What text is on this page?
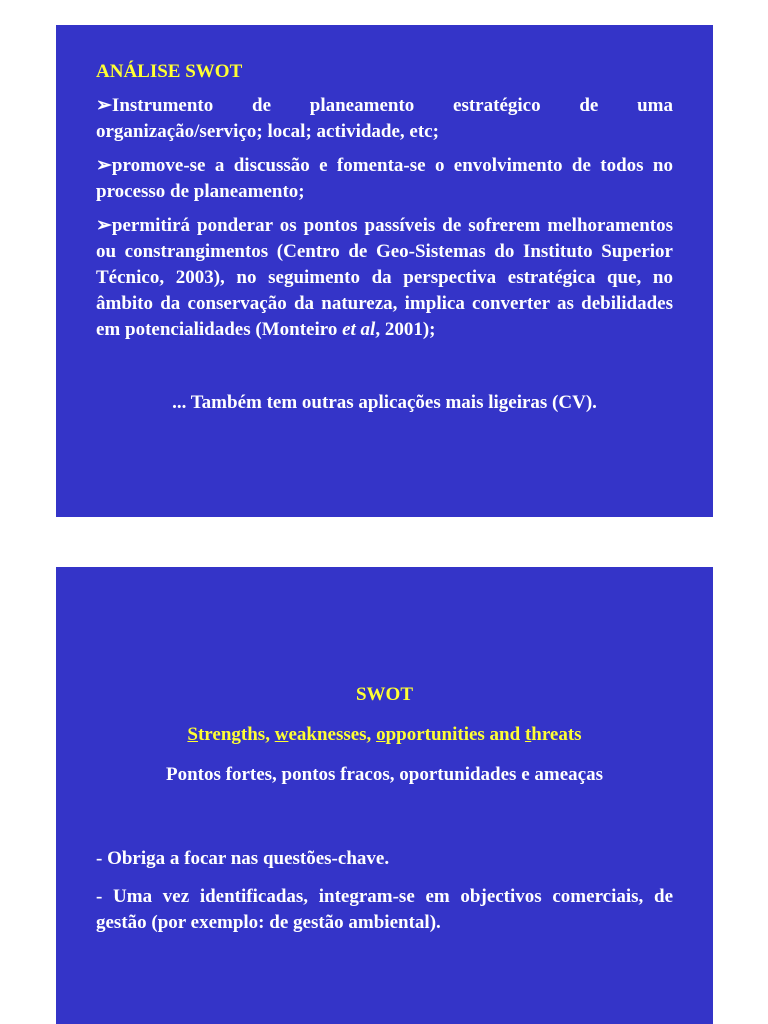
ANÁLISE SWOT
➢Instrumento de planeamento estratégico de uma organização/serviço; local; actividade, etc;
➢promove-se a discussão e fomenta-se o envolvimento de todos no processo de planeamento;
➢permitirá ponderar os pontos passíveis de sofrerem melhoramentos ou constrangimentos (Centro de Geo-Sistemas do Instituto Superior Técnico, 2003), no seguimento da perspectiva estratégica que, no âmbito da conservação da natureza, implica converter as debilidades em potencialidades (Monteiro et al, 2001);
... Também tem outras aplicações mais ligeiras (CV).
SWOT
Strengths, weaknesses, opportunities and threats
Pontos fortes, pontos fracos, oportunidades e ameaças
- Obriga a focar nas questões-chave.
- Uma vez identificadas, integram-se em objectivos comerciais, de gestão (por exemplo: de gestão ambiental).
